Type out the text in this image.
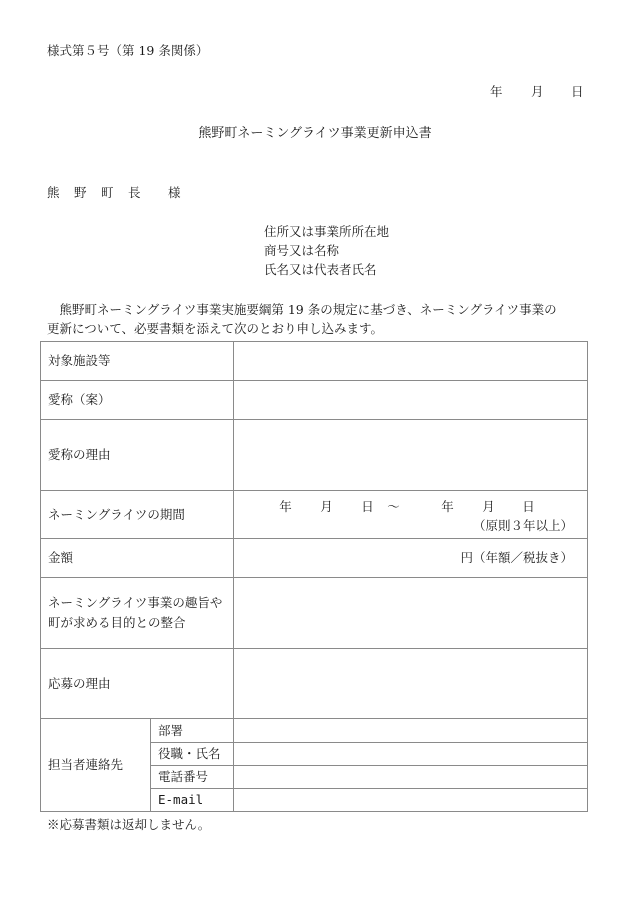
様式第５号（第 19 条関係）
年 月 日
熊野町ネーミングライツ事業更新申込書
熊 野 町 長 様
住所又は事業所所在地
商号又は名称
氏名又は代表者氏名
　熊野町ネーミングライツ事業実施要綱第 19 条の規定に基づき、ネーミングライツ事業の
更新について、必要書類を添えて次のとおり申し込みます。
対象施設等		
愛称（案）		
愛称の理由		
ネーミングライツの期間	年 月 日 ～	年 月 日
（原則３年以上）

金額		円（年額／税抜き）

ネーミングライツ事業の趣旨や
町が求める目的との整合		

応募の理由		
担当者連絡先	部署	
	役職・氏名	
	電話番号	
	E-mail	
※応募書類は返却しません。
